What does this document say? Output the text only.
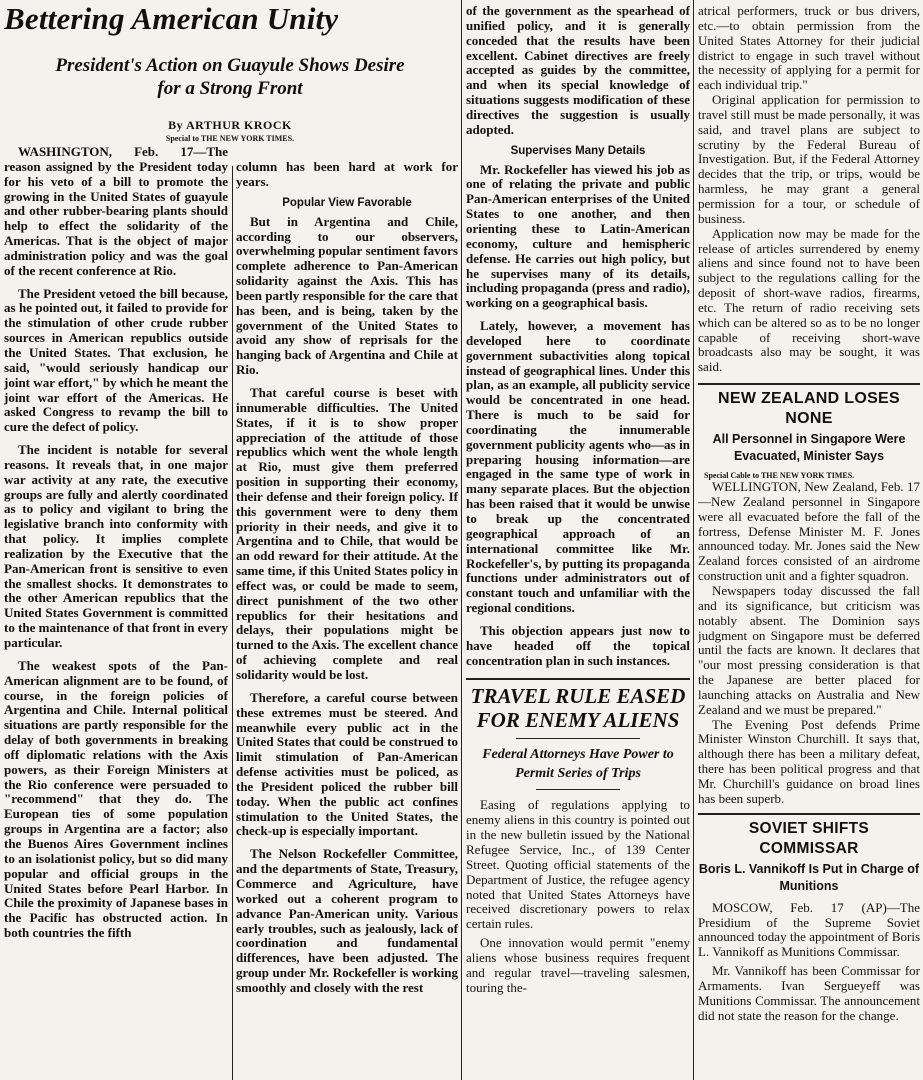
Bettering American Unity

President's Action on Guayule Shows Desire for a Strong Front

By ARTHUR KROCK

Special to THE NEW YORK TIMES.

WASHINGTON, Feb. 17—The reason assigned by the President today for his veto of a bill to promote the growing in the United States of guayule and other rubber-bearing plants should help to effect the solidarity of the Americas. That is the object of major administration policy and was the goal of the recent conference at Rio.

The President vetoed the bill because, as he pointed out, it failed to provide for the stimulation of other crude rubber sources in American republics outside the United States. That exclusion, he said, "would seriously handicap our joint war effort," by which he meant the joint war effort of the Americas. He asked Congress to revamp the bill to cure the defect of policy.

The incident is notable for several reasons. It reveals that, in one major war activity at any rate, the executive groups are fully and alertly coordinated as to policy and vigilant to bring the legislative branch into conformity with that policy. It implies complete realization by the Executive that the Pan-American front is sensitive to even the smallest shocks. It demonstrates to the other American republics that the United States Government is committed to the maintenance of that front in every particular.

The weakest spots of the Pan-American alignment are to be found, of course, in the foreign policies of Argentina and Chile. Internal political situations are partly responsible for the delay of both governments in breaking off diplomatic relations with the Axis powers, as their Foreign Ministers at the Rio conference were persuaded to "recommend" that they do. The European ties of some population groups in Argentina are a factor; also the Buenos Aires Government inclines to an isolationist policy, but so did many popular and official groups in the United States before Pearl Harbor. In Chile the proximity of Japanese bases in the Pacific has obstructed action. In both countries the fifth

column has been hard at work for years.

Popular View Favorable

But in Argentina and Chile, according to our observers, overwhelming popular sentiment favors complete adherence to Pan-American solidarity against the Axis. This has been partly responsible for the care that has been, and is being, taken by the government of the United States to avoid any show of reprisals for the hanging back of Argentina and Chile at Rio.

That careful course is beset with innumerable difficulties. The United States, if it is to show proper appreciation of the attitude of those republics which went the whole length at Rio, must give them preferred position in supporting their economy, their defense and their foreign policy. If this government were to deny them priority in their needs, and give it to Argentina and to Chile, that would be an odd reward for their attitude. At the same time, if this United States policy in effect was, or could be made to seem, direct punishment of the two other republics for their hesitations and delays, their populations might be turned to the Axis. The excellent chance of achieving complete and real solidarity would be lost.

Therefore, a careful course between these extremes must be steered. And meanwhile every public act in the United States that could be construed to limit stimulation of Pan-American defense activities must be policed, as the President policed the rubber bill today. When the public act confines stimulation to the United States, the check-up is especially important.

The Nelson Rockefeller Committee, and the departments of State, Treasury, Commerce and Agriculture, have worked out a coherent program to advance Pan-American unity. Various early troubles, such as jealously, lack of coordination and fundamental differences, have been adjusted. The group under Mr. Rockefeller is working smoothly and closely with the rest

of the government as the spearhead of unified policy, and it is generally conceded that the results have been excellent. Cabinet directives are freely accepted as guides by the committee, and when its special knowledge of situations suggests modification of these directives the suggestion is usually adopted.

Supervises Many Details

Mr. Rockefeller has viewed his job as one of relating the private and public Pan-American enterprises of the United States to one another, and then orienting these to Latin-American economy, culture and hemispheric defense. He carries out high policy, but he supervises many of its details, including propaganda (press and radio), working on a geographical basis.

Lately, however, a movement has developed here to coordinate government subactivities along topical instead of geographical lines. Under this plan, as an example, all publicity service would be concentrated in one head. There is much to be said for coordinating the innumerable government publicity agents who—as in preparing housing information—are engaged in the same type of work in many separate places. But the objection has been raised that it would be unwise to break up the concentrated geographical approach of an international committee like Mr. Rockefeller's, by putting its propaganda functions under administrators out of constant touch and unfamiliar with the regional conditions.

This objection appears just now to have headed off the topical concentration plan in such instances.

TRAVEL RULE EASED
FOR ENEMY ALIENS

Federal Attorneys Have Power to Permit Series of Trips

Easing of regulations applying to enemy aliens in this country is pointed out in the new bulletin issued by the National Refugee Service, Inc., of 139 Center Street. Quoting official statements of the Department of Justice, the refugee agency noted that United States Attorneys have received discretionary powers to relax certain rules.

One innovation would permit "enemy aliens whose business requires frequent and regular travel—traveling salesmen, touring the-

atrical performers, truck or bus drivers, etc.—to obtain permission from the United States Attorney for their judicial district to engage in such travel without the necessity of applying for a permit for each individual trip."

Original application for permission to travel still must be made personally, it was said, and travel plans are subject to scrutiny by the Federal Bureau of Investigation. But, if the Federal Attorney decides that the trip, or trips, would be harmless, he may grant a general permission for a tour, or schedule of business.

Application now may be made for the release of articles surrendered by enemy aliens and since found not to have been subject to the regulations calling for the deposit of short-wave radios, firearms, etc. The return of radio receiving sets which can be altered so as to be no longer capable of receiving short-wave broadcasts also may be sought, it was said.

NEW ZEALAND LOSES NONE
All Personnel in Singapore Were Evacuated, Minister Says
Special Cable to THE NEW YORK TIMES.

WELLINGTON, New Zealand, Feb. 17—New Zealand personnel in Singapore were all evacuated before the fall of the fortress, Defense Minister M. F. Jones announced today. Mr. Jones said the New Zealand forces consisted of an airdrome construction unit and a fighter squadron.

Newspapers today discussed the fall and its significance, but criticism was notably absent. The Dominion says judgment on Singapore must be deferred until the facts are known. It declares that "our most pressing consideration is that the Japanese are better placed for launching attacks on Australia and New Zealand and we must be prepared."

The Evening Post defends Prime Minister Winston Churchill. It says that, although there has been a military defeat, there has been political progress and that Mr. Churchill's guidance on broad lines has been superb.

SOVIET SHIFTS COMMISSAR
Boris L. Vannikoff Is Put in Charge of Munitions

MOSCOW, Feb. 17 (AP)—The Presidium of the Supreme Soviet announced today the appointment of Boris L. Vannikoff as Munitions Commissar.

Mr. Vannikoff has been Commissar for Armaments. Ivan Sergueyeff was Munitions Commissar. The announcement did not state the reason for the change.
